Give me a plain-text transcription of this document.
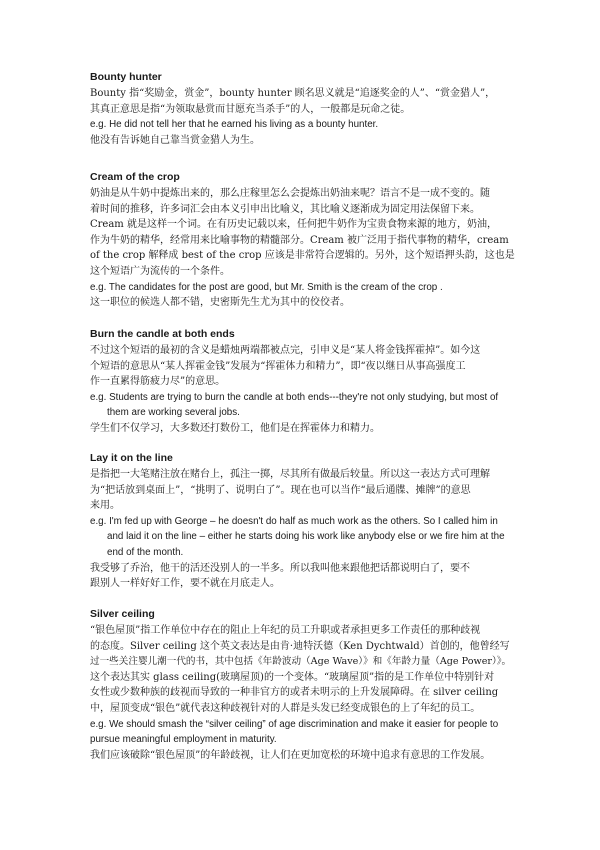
Bounty hunter

Bounty 指“奖励金，赏金”，bounty hunter 顾名思义就是“追逐奖金的人”、“赏金猎人”，
其真正意思是指“为领取悬赏而甘愿充当杀手”的人，一般都是玩命之徒。

e.g. He did not tell her that he earned his living as a bounty hunter.

他没有告诉她自己靠当赏金猎人为生。

Cream of the crop

奶油是从牛奶中提炼出来的，那么庄稼里怎么会提炼出奶油来呢？语言不是一成不变的。随
着时间的推移，许多词汇会由本义引申出比喻义，其比喻义逐渐成为固定用法保留下来。
Cream 就是这样一个词。在有历史记载以来，任何把牛奶作为宝贵食物来源的地方，奶油，
作为牛奶的精华，经常用来比喻事物的精髓部分。Cream 被广泛用于指代事物的精华，cream
of the crop 解释成 best of the crop 应该是非常符合逻辑的。另外，这个短语押头韵，这也是
这个短语广为流传的一个条件。

e.g. The candidates for the post are good, but Mr. Smith is the cream of the crop .

这一职位的候选人都不错，史密斯先生尤为其中的佼佼者。

Burn the candle at both ends

不过这个短语的最初的含义是蜡烛两端都被点完，引申义是“某人将金钱挥霍掉”。如今这
个短语的意思从“某人挥霍金钱”发展为“挥霍体力和精力”，即“夜以继日从事高强度工
作一直累得筋疲力尽”的意思。

e.g. Students are trying to burn the candle at both ends---they're not only studying, but most of
them are working several jobs.

学生们不仅学习，大多数还打数份工，他们是在挥霍体力和精力。

Lay it on the line

是指把一大笔赌注放在赌台上，孤注一掷，尽其所有做最后较量。所以这一表达方式可理解
为“把话放到桌面上”，“挑明了、说明白了”。现在也可以当作“最后通牒、摊牌”的意思
来用。

e.g. I'm fed up with George – he doesn't do half as much work as the others. So I called him in
and laid it on the line – either he starts doing his work like anybody else or we fire him at the
end of the month.

我受够了乔治，他干的活还没别人的一半多。所以我叫他来跟他把话都说明白了，要不
跟别人一样好好工作，要不就在月底走人。

Silver ceiling

“银色屋顶”指工作单位中存在的阻止上年纪的员工升职或者承担更多工作责任的那种歧视
的态度。Silver ceiling 这个英文表达是由肯·迪特沃德（Ken Dychtwald）首创的，他曾经写
过一些关注婴儿潮一代的书，其中包括《年龄波动（Age Wave）》和《年龄力量（Age Power）》。
这个表达其实 glass ceiling(玻璃屋顶)的一个变体。“玻璃屋顶”指的是工作单位中特别针对
女性或少数种族的歧视而导致的一种非官方的或者未明示的上升发展障碍。在 silver ceiling
中，屋顶变成“银色”就代表这种歧视针对的人群是头发已经变成银色的上了年纪的员工。

e.g. We should smash the “silver ceiling” of age discrimination and make it easier for people to
pursue meaningful employment in maturity.

我们应该破除“银色屋顶”的年龄歧视，让人们在更加宽松的环境中追求有意思的工作发展。
